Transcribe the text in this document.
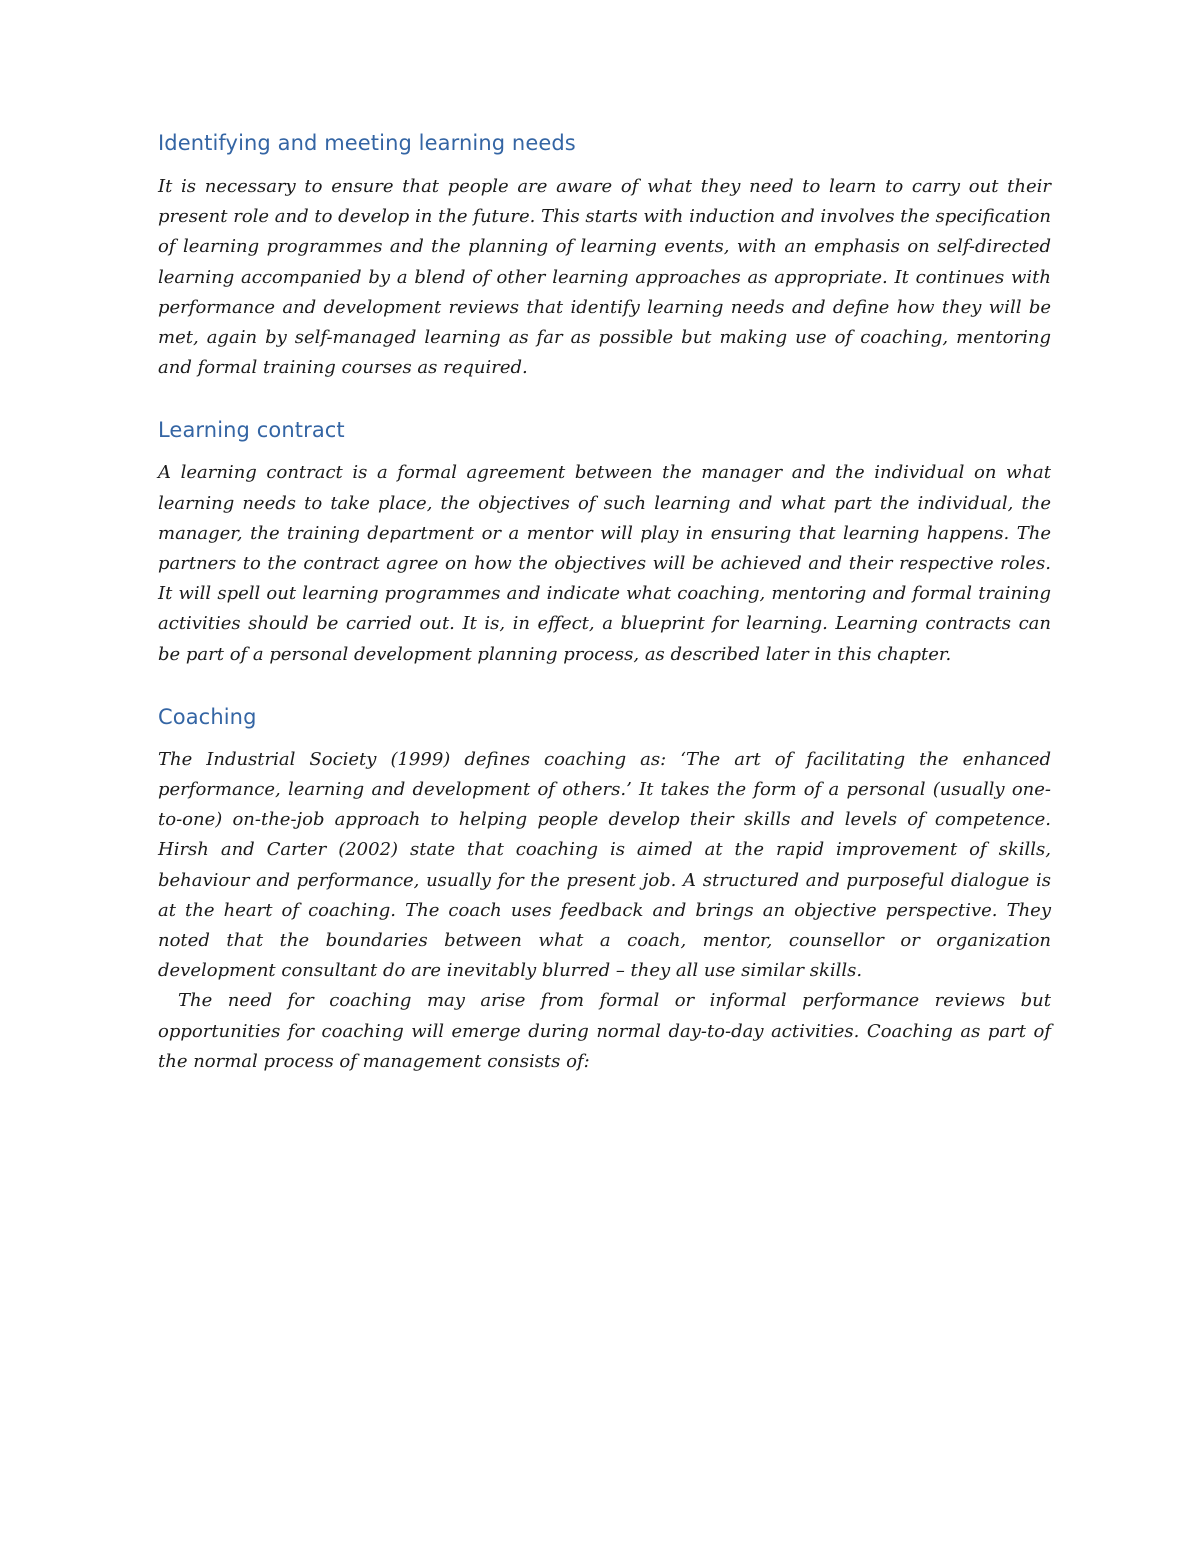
Identifying and meeting learning needs

It is necessary to ensure that people are aware of what they need to learn to carry out their present role and to develop in the future. This starts with induction and involves the specification of learning programmes and the planning of learning events, with an emphasis on self-directed learning accompanied by a blend of other learning approaches as appropriate. It continues with performance and development reviews that identify learning needs and define how they will be met, again by self-managed learning as far as possible but making use of coaching, mentoring and formal training courses as required.

Learning contract

A learning contract is a formal agreement between the manager and the individual on what learning needs to take place, the objectives of such learning and what part the individual, the manager, the training department or a mentor will play in ensuring that learning happens. The partners to the contract agree on how the objectives will be achieved and their respective roles. It will spell out learning programmes and indicate what coaching, mentoring and formal training activities should be carried out. It is, in effect, a blueprint for learning. Learning contracts can be part of a personal development planning process, as described later in this chapter.

Coaching

The Industrial Society (1999) defines coaching as: ‘The art of facilitating the enhanced performance, learning and development of others.’ It takes the form of a personal (usually one-to-one) on-the-job approach to helping people develop their skills and levels of competence. Hirsh and Carter (2002) state that coaching is aimed at the rapid improvement of skills, behaviour and performance, usually for the present job. A structured and purposeful dialogue is at the heart of coaching. The coach uses feedback and brings an objective perspective. They noted that the boundaries between what a coach, mentor, counsellor or organization development consultant do are inevitably blurred – they all use similar skills.

The need for coaching may arise from formal or informal performance reviews but opportunities for coaching will emerge during normal day-to-day activities. Coaching as part of the normal process of management consists of:
